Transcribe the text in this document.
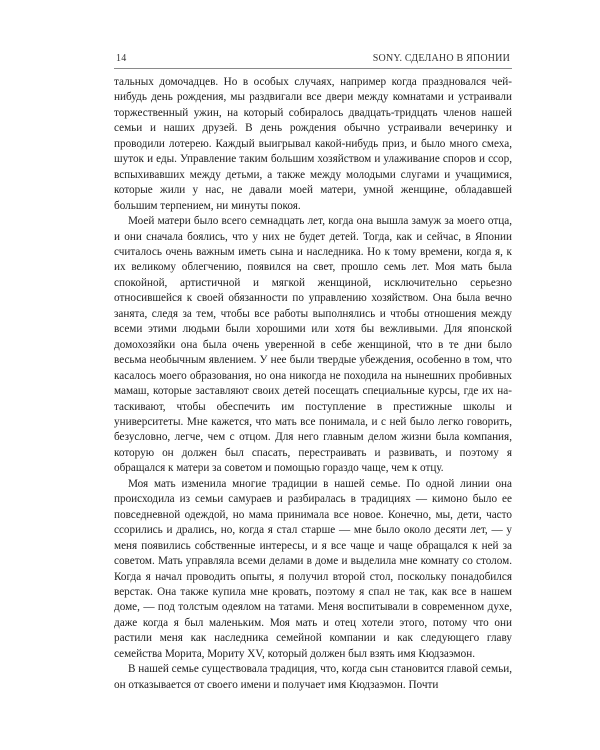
14	SONY. СДЕЛАНО В ЯПОНИИ

тальных домочадцев. Но в особых случаях, например когда праздновался чей-нибудь день рождения, мы раздвигали все двери между комнатами и устраивали торжественный ужин, на который собиралось двадцать-тридцать членов нашей семьи и наших друзей. В день рождения обычно устраивали вечеринку и проводили лотерею. Каждый выигрывал какой-нибудь приз, и было много смеха, шуток и еды. Управление таким большим хозяйством и улаживание споров и ссор, вспыхивавших между детьми, а также между молодыми слугами и учащимися, которые жили у нас, не давали моей матери, умной женщине, обладавшей большим терпением, ни минуты покоя.

Моей матери было всего семнадцать лет, когда она вышла замуж за моего отца, и они сначала боялись, что у них не будет детей. Тогда, как и сейчас, в Японии считалось очень важным иметь сына и наследника. Но к тому времени, когда я, к их великому облегчению, появился на свет, прошло семь лет. Моя мать была спокойной, артистичной и мягкой женщиной, исключительно серьезно относившейся к своей обязанности по управлению хозяйством. Она была вечно занята, следя за тем, чтобы все работы выполнялись и чтобы отношения между всеми этими людьми были хорошими или хотя бы вежливыми. Для японской домохозяйки она была очень уверенной в себе женщиной, что в те дни было весьма необычным явлением. У нее были твердые убеждения, особенно в том, что касалось моего образования, но она никогда не походила на нынешних пробивных мамаш, которые заставляют своих детей посещать специальные курсы, где их натаскивают, чтобы обеспечить им поступление в престижные школы и университеты. Мне кажется, что мать все понимала, и с ней было легко говорить, безусловно, легче, чем с отцом. Для него главным делом жизни была компания, которую он должен был спасать, перестраивать и развивать, и поэтому я обращался к матери за советом и помощью гораздо чаще, чем к отцу.

Моя мать изменила многие традиции в нашей семье. По одной линии она происходила из семьи самураев и разбиралась в традициях — кимоно было ее повседневной одеждой, но мама принимала все новое. Конечно, мы, дети, часто ссорились и дрались, но, когда я стал старше — мне было около десяти лет, — у меня появились собственные интересы, и я все чаще и чаще обращался к ней за советом. Мать управляла всеми делами в доме и выделила мне комнату со столом. Когда я начал проводить опыты, я получил второй стол, поскольку понадобился верстак. Она также купила мне кровать, поэтому я спал не так, как все в нашем доме, — под толстым одеялом на татами. Меня воспитывали в современном духе, даже когда я был маленьким. Моя мать и отец хотели этого, потому что они растили меня как наследника семейной компании и как следующего главу семейства Морита, Мориту XV, который должен был взять имя Кюдзаэмон.

В нашей семье существовала традиция, что, когда сын становится главой семьи, он отказывается от своего имени и получает имя Кюдзаэмон. Почти
